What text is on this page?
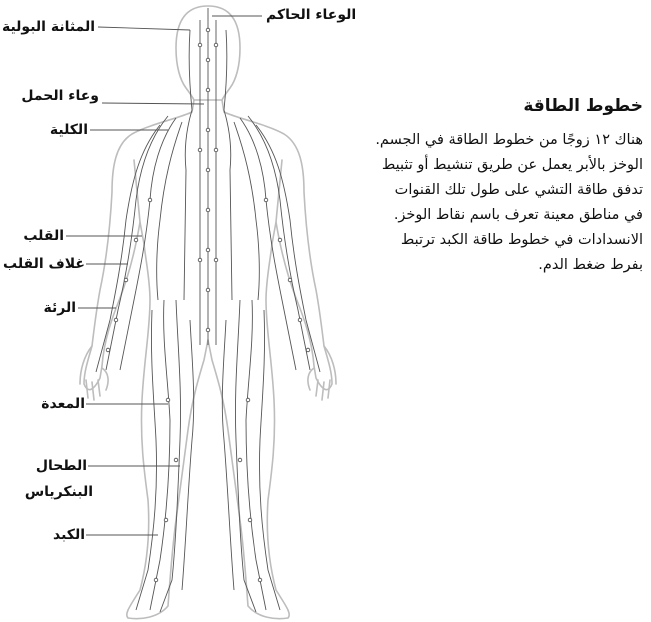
الوعاء الحاكم
المثانة البولية
وعاء الحمل
الكلية
القلب
غلاف القلب
الرئة
المعدة
الطحال
البنكرياس
الكبد
خطوط الطاقة

هناك ١٢ زوجًا من خطوط الطاقة في الجسم.

الوخز بالأبر يعمل عن طريق تنشيط أو تثبيط

تدفق طاقة التشي على طول تلك القنوات

في مناطق معينة تعرف باسم نقاط الوخز.

الانسدادات في خطوط طاقة الكبد ترتبط

بفرط ضغط الدم.
